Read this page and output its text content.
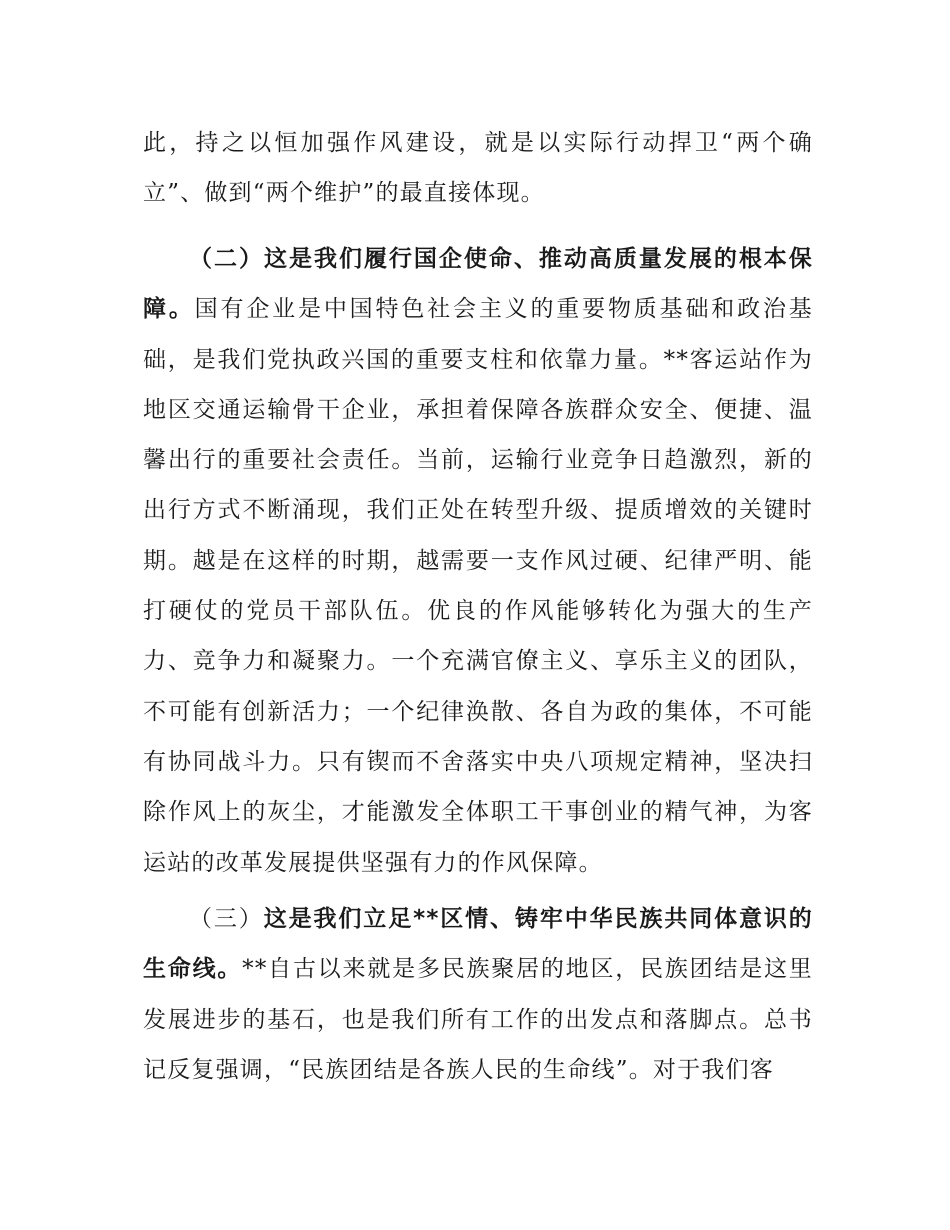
此，持之以恒加强作风建设，就是以实际行动捍卫“两个确立”、做到“两个维护”的最直接体现。

（二）这是我们履行国企使命、推动高质量发展的根本保障。国有企业是中国特色社会主义的重要物质基础和政治基础，是我们党执政兴国的重要支柱和依靠力量。**客运站作为地区交通运输骨干企业，承担着保障各族群众安全、便捷、温馨出行的重要社会责任。当前，运输行业竞争日趋激烈，新的出行方式不断涌现，我们正处在转型升级、提质增效的关键时期。越是在这样的时期，越需要一支作风过硬、纪律严明、能打硬仗的党员干部队伍。优良的作风能够转化为强大的生产力、竞争力和凝聚力。一个充满官僚主义、享乐主义的团队，不可能有创新活力；一个纪律涣散、各自为政的集体，不可能有协同战斗力。只有锲而不舍落实中央八项规定精神，坚决扫除作风上的灰尘，才能激发全体职工干事创业的精气神，为客运站的改革发展提供坚强有力的作风保障。

（三）这是我们立足**区情、铸牢中华民族共同体意识的生命线。**自古以来就是多民族聚居的地区，民族团结是这里发展进步的基石，也是我们所有工作的出发点和落脚点。总书记反复强调，“民族团结是各族人民的生命线”。对于我们客
